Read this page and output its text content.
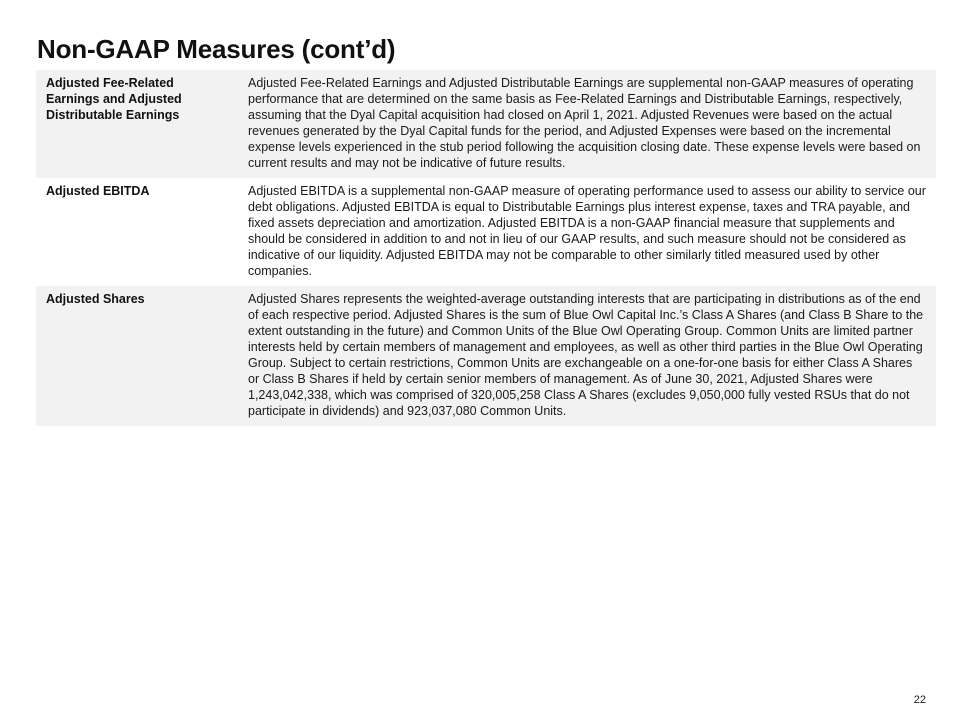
Non-GAAP Measures (cont’d)
Adjusted Fee-Related Earnings and Adjusted Distributable Earnings	Adjusted Fee-Related Earnings and Adjusted Distributable Earnings are supplemental non-GAAP measures of operating performance that are determined on the same basis as Fee-Related Earnings and Distributable Earnings, respectively, assuming that the Dyal Capital acquisition had closed on April 1, 2021. Adjusted Revenues were based on the actual revenues generated by the Dyal Capital funds for the period, and Adjusted Expenses were based on the incremental expense levels experienced in the stub period following the acquisition closing date. These expense levels were based on current results and may not be indicative of future results.
Adjusted EBITDA	Adjusted EBITDA is a supplemental non-GAAP measure of operating performance used to assess our ability to service our debt obligations. Adjusted EBITDA is equal to Distributable Earnings plus interest expense, taxes and TRA payable, and fixed assets depreciation and amortization. Adjusted EBITDA is a non-GAAP financial measure that supplements and should be considered in addition to and not in lieu of our GAAP results, and such measure should not be considered as indicative of our liquidity. Adjusted EBITDA may not be comparable to other similarly titled measured used by other companies.
Adjusted Shares	Adjusted Shares represents the weighted-average outstanding interests that are participating in distributions as of the end of each respective period. Adjusted Shares is the sum of Blue Owl Capital Inc.’s Class A Shares (and Class B Share to the extent outstanding in the future) and Common Units of the Blue Owl Operating Group. Common Units are limited partner interests held by certain members of management and employees, as well as other third parties in the Blue Owl Operating Group. Subject to certain restrictions, Common Units are exchangeable on a one-for-one basis for either Class A Shares or Class B Shares if held by certain senior members of management. As of June 30, 2021, Adjusted Shares were 1,243,042,338, which was comprised of 320,005,258 Class A Shares (excludes 9,050,000 fully vested RSUs that do not participate in dividends) and 923,037,080 Common Units.
22
